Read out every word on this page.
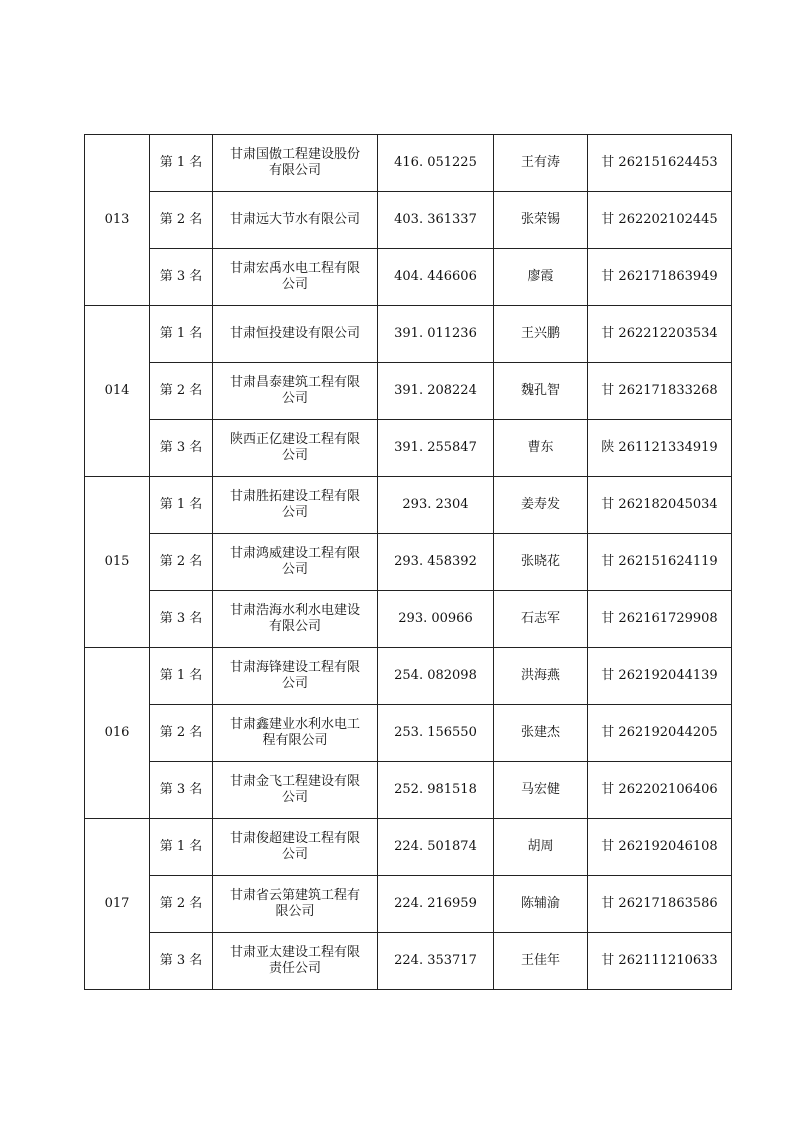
013	第 1 名	甘肃国傲工程建设股份有限公司	416. 051225	王有涛	甘 262151624453
	第 2 名	甘肃远大节水有限公司	403. 361337	张荣锡	甘 262202102445
	第 3 名	甘肃宏禹水电工程有限公司	404. 446606	廖霞	甘 262171863949
014	第 1 名	甘肃恒投建设有限公司	391. 011236	王兴鹏	甘 262212203534
	第 2 名	甘肃昌泰建筑工程有限公司	391. 208224	魏孔智	甘 262171833268
	第 3 名	陕西正亿建设工程有限公司	391. 255847	曹东	陕 261121334919
015	第 1 名	甘肃胜拓建设工程有限公司	293. 2304	姜寿发	甘 262182045034
	第 2 名	甘肃鸿威建设工程有限公司	293. 458392	张晓花	甘 262151624119
	第 3 名	甘肃浩海水利水电建设有限公司	293. 00966	石志军	甘 262161729908
016	第 1 名	甘肃海锋建设工程有限公司	254. 082098	洪海燕	甘 262192044139
	第 2 名	甘肃鑫建业水利水电工程有限公司	253. 156550	张建杰	甘 262192044205
	第 3 名	甘肃金飞工程建设有限公司	252. 981518	马宏健	甘 262202106406
017	第 1 名	甘肃俊超建设工程有限公司	224. 501874	胡周	甘 262192046108
	第 2 名	甘肃省云第建筑工程有限公司	224. 216959	陈辅渝	甘 262171863586
	第 3 名	甘肃亚太建设工程有限责任公司	224. 353717	王佳年	甘 262111210633
